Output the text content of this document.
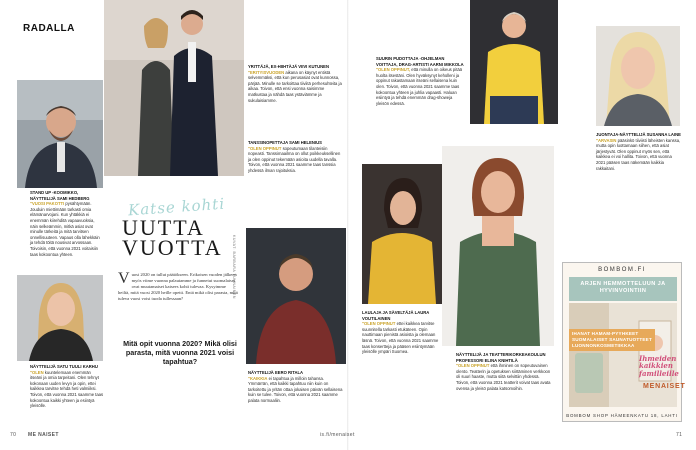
RADALLA
Katse kohti
UUTTA
VUOTTA	KUVAT: BARBARA TUUNAINEN
V uosi 2020 on tullut päätökseen. Erikoisen vuoden jälkeen myös viime vuonna palautamme ja funnetut suomalaiset ovat muutamaiset katsees kohti tulevaa. Kysyimme heiltä, mitä vuosi 2020 heille opetti. Entä mikä olisi parasta, mitä tuleva vuosi voisi tuoda tullessaan?
Mitä opit vuonna 2020? Mikä olisi parasta, mitä vuonna 2021 voisi tapahtua?
STAND UP -KOOMIKKO, NÄYTTELIJÄ SAMI HEDBERG
"VUOSI PAKOTTI pysähtymään. Jouduin miettimään tarkasti omia elämänarvojani. Kun yhtäkkiä ei enemmän kiirehditä vapaavuoksia, näin selkeämmin, mitkä asiat ovat minulle tärkeitä ja mitä tarvitsen onnellisuuteen. Vapaus olla lähekkäin ja tehdä töitä nousivat arvossaan. Toivoisin, että vuonna 2021 voitaisiin taas kokoontua yhteen.
NÄYTTELIJÄ SATU TUULI KARHU
"OLEN kuuntelemaan enemmän itseäni ja omia tarpeitani. Olen tehnyt kokonaan uuden levyn ja opin, ettei kaikkea tarvitse tehdä heti valmiiksi. Toivon, että vuonna 2021 saamme taas kokoontua kaikki yhteen ja esiintyä yleisölle.
YRITTÄJÄ, EX-HIIHTÄJÄ VIIVI KUTUNEN
"ERITYISVUODEN aikana on käynyt entistä selvemmäksi, että kun perusasiat ovat kunnossa, pärjää. Minulle se tarkoittaa tiiviitä perhesuhteita ja aikaa. Toivon, että ensi vuonna saisimme matkustaa ja nähdä taas ystäviämme ja sukulaisiamme.
TANSSINOPETTAJA SAMI HELENIUS
"OLEN OPPINUT sopeutumaan tilanteisiin nopeasti. Tanssimaailma on ollut poikkeuksellinen ja olen oppinut tekemään asioita uudella tavalla. Toivon, että vuonna 2021 saamme taas tanssia yhdessä ilman rajoituksia.
NÄYTTELIJÄ EERO RITALA
"KAIKKIA ei tapahtua ja milloin tahansa. Ymmärrän, että kaikki tapahtuu niin kuin on tarkoitettu ja yritän ottaa jokaisen päivän sellaisena kuin se tulee. Toivon, että vuonna 2021 saamme palata normaaliin.
SUURIN PUDOTTAJA -OHJELMAN VOITTAJA, DRAG-ARTISTI AARNI MIKKOLA
"OLEN OPPINUT, että minulla on oikeus pitää huolta itsestäni. Olen hyväksynyt keholleni ja oppinut rakastamaan itseäni sellaisena kuin olen. Toivon, että vuonna 2021 saamme taas kokoontua yhteen ja juhlia vapaasti. Haluan esiintyä ja tehdä enemmän drag-showeja yleisön edessä.
JUONTAJA-NÄYTTELIJÄ SUSANNA LAINE
"ARVASIN pääsinkö tiiviisti läheisten kanssa, mutta opin luottamaan siihen, että asiat järjestyvät. Olen oppinut myös sen, että kaikkea ei voi hallita. Toivon, että vuonna 2021 pääsen taas näkemään kaikkia rakkaitani.
LAULAJA JA SÄVELTÄJÄ LAURA VOUTILAINEN
"OLEN OPPINUT ettei kaikkea tarvitse suunnitella tarkasti etukäteen. Opin nauttimaan pienistä asioista ja olemaan läsnä. Toivon, että vuonna 2021 saamme taas konsertteja ja pääsen esiintymään yleisölle ympäri Suomea.
NÄYTTELIJÄ JA TEATTERIKORKEAKOULUN PROFESSORI ELINA KNIHTILÄ
"OLEN OPPINUT että ihminen on sopeutuvainen olento. Teatterin ja opetuksen siirtäminen verkkoon oli suuri haaste, mutta siitä selvittiin yhdessä. Toivon, että vuonna 2021 teatterit voivat taas avata ovensa ja yleisö palata katsomoihin.
BOMBOM.FI
ARJEN HEMMOTTELUUN JA HYVINVOINTIIN
IHANAT HAMAM-PYYHKEET SUOMALAISET SAUNATUOTTEET LUONNONKOSMETIIKKAA
Ihmeiden kaikkien familleille
MENAISET
BOMBOM SHOP HÄMEENKATU 18, LAHTI
70 ME NAISET	is.fi/menaiset	71
